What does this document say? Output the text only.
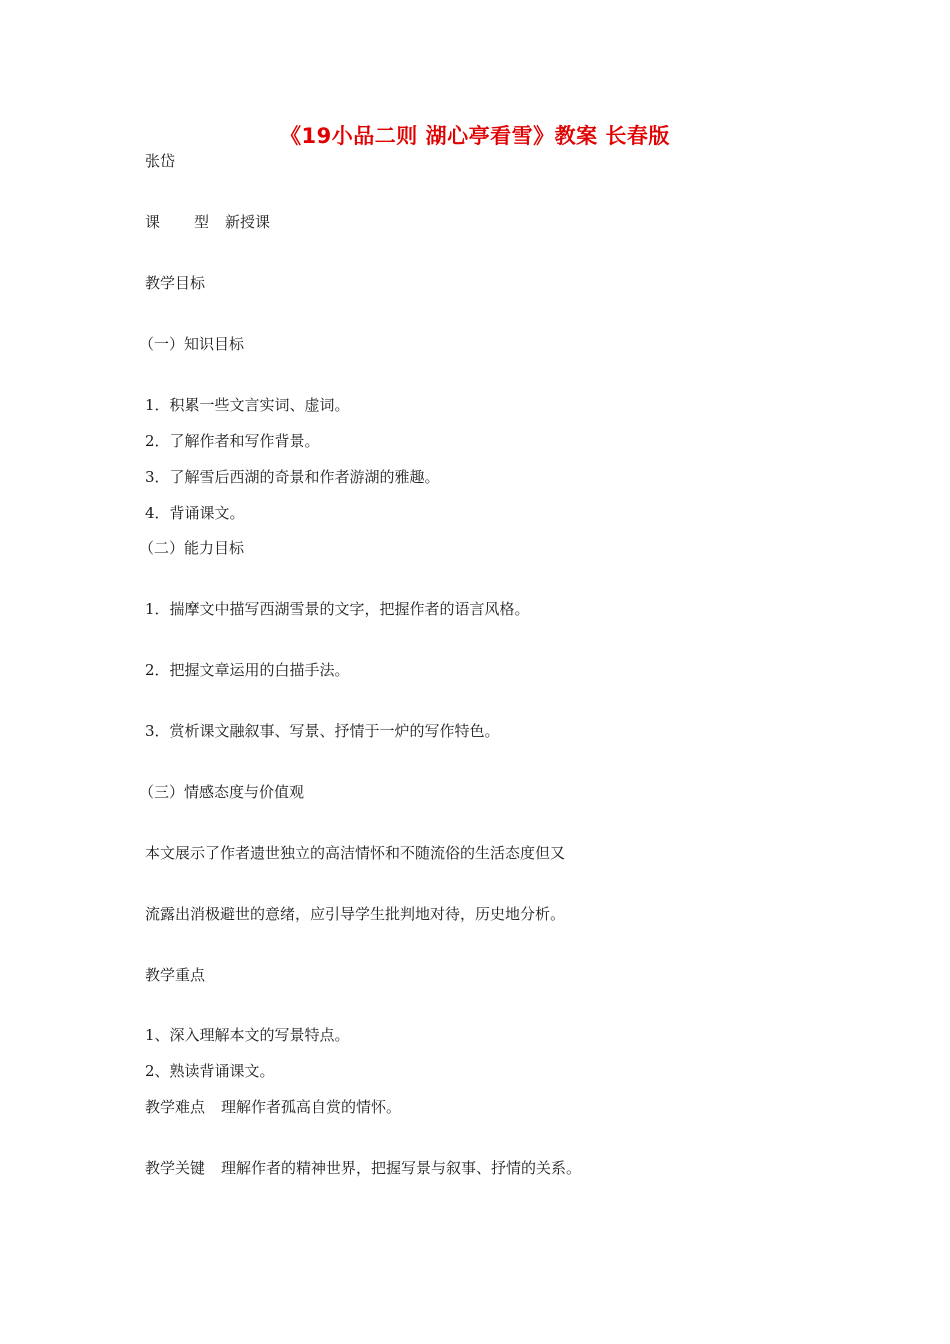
《19小品二则 湖心亭看雪》教案 长春版
张岱
课 型 新授课
教学目标
（一）知识目标
1．积累一些文言实词、虚词。
2．了解作者和写作背景。
3．了解雪后西湖的奇景和作者游湖的雅趣。
4．背诵课文。
（二）能力目标
1．揣摩文中描写西湖雪景的文字，把握作者的语言风格。
2．把握文章运用的白描手法。
3．赏析课文融叙事、写景、抒情于一炉的写作特色。
（三）情感态度与价值观
本文展示了作者遗世独立的高洁情怀和不随流俗的生活态度但又
流露出消极避世的意绪，应引导学生批判地对待，历史地分析。
教学重点
1、深入理解本文的写景特点。
2、熟读背诵课文。
教学难点 理解作者孤高自赏的情怀。
教学关键 理解作者的精神世界，把握写景与叙事、抒情的关系。
